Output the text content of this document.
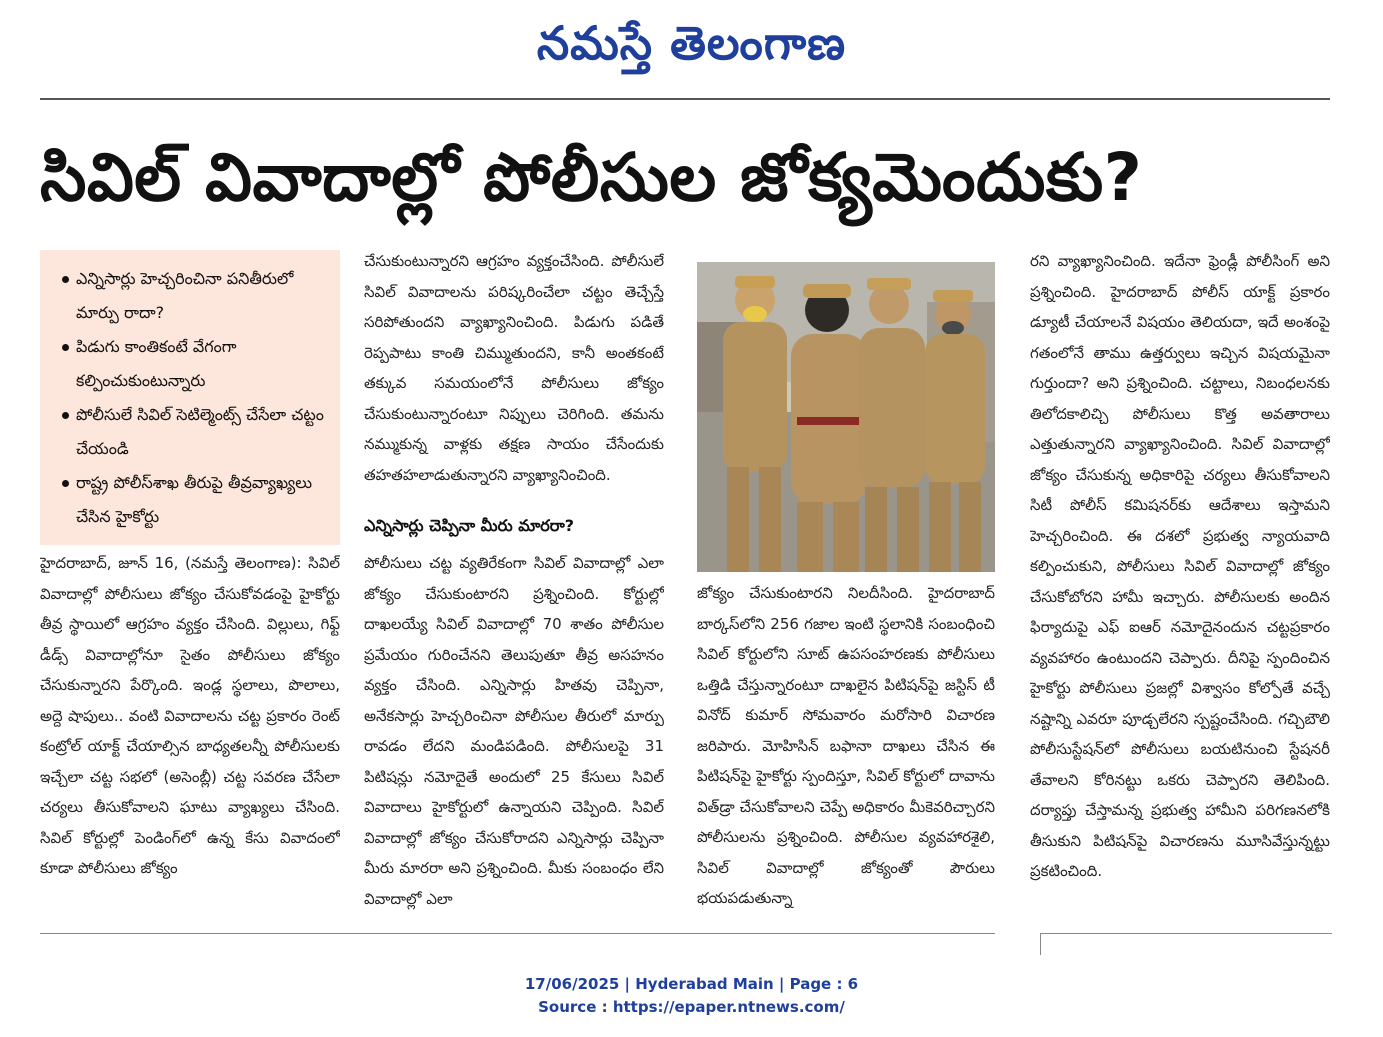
నమస్తే తెలంగాణ
సివిల్ వివాదాల్లో పోలీసుల జోక్యమెందుకు?
ఎన్నిసార్లు హెచ్చరించినా పనితీరులో మార్పు రాదా?
పిడుగు కాంతికంటే వేగంగా కల్పించుకుంటున్నారు
పోలీసులే సివిల్ సెటిల్మెంట్స్ చేసేలా చట్టం చేయండి
రాష్ట్ర పోలీస్‌శాఖ తీరుపై తీవ్రవ్యాఖ్యలు చేసిన హైకోర్టు

హైదరాబాద్, జూన్ 16, (నమస్తే తెలంగాణ): సివిల్ వివాదాల్లో పోలీసులు జోక్యం చేసుకోవడంపై హైకోర్టు తీవ్ర స్థాయిలో ఆగ్రహం వ్యక్తం చేసింది. విల్లులు, గిఫ్ట్ డీడ్స్ వివాదాల్లోనూ సైతం పోలీసులు జోక్యం చేసుకున్నారని పేర్కొంది. ఇండ్ల స్థలాలు, పొలాలు, అద్దె షాపులు.. వంటి వివాదాలను చట్ట ప్రకారం రెంట్ కంట్రోల్ యాక్ట్ చేయాల్సిన బాధ్యతలన్నీ పోలీసులకు ఇచ్చేలా చట్ట సభలో (అసెంబ్లీ) చట్ట సవరణ చేసేలా చర్యలు తీసుకోవాలని ఘాటు వ్యాఖ్యలు చేసింది. సివిల్ కోర్టుల్లో పెండింగ్‌లో ఉన్న కేసు వివాదంలో కూడా పోలీసులు జోక్యం

చేసుకుంటున్నారని ఆగ్రహం వ్యక్తంచేసింది. పోలీసులే సివిల్ వివాదాలను పరిష్కరించేలా చట్టం తెచ్చేస్తే సరిపోతుందని వ్యాఖ్యానించింది. పిడుగు పడితే రెప్పపాటు కాంతి చిమ్ముతుందని, కానీ అంతకంటే తక్కువ సమయంలోనే పోలీసులు జోక్యం చేసుకుంటున్నారంటూ నిప్పులు చెరిగింది. తమను నమ్ముకున్న వాళ్లకు తక్షణ సాయం చేసేందుకు తహతహలాడుతున్నారని వ్యాఖ్యానించింది.

ఎన్నిసార్లు చెప్పినా మీరు మారరా?

పోలీసులు చట్ట వ్యతిరేకంగా సివిల్ వివాదాల్లో ఎలా జోక్యం చేసుకుంటారని ప్రశ్నించింది. కోర్టుల్లో దాఖలయ్యే సివిల్ వివాదాల్లో 70 శాతం పోలీసుల ప్రమేయం గురించేనని తెలుపుతూ తీవ్ర అసహనం వ్యక్తం చేసింది. ఎన్నిసార్లు హితవు చెప్పినా, అనేకసార్లు హెచ్చరించినా పోలీసుల తీరులో మార్పు రావడం లేదని మండిపడింది. పోలీసులపై 31 పిటిషన్లు నమోదైతే అందులో 25 కేసులు సివిల్ వివాదాలు హైకోర్టులో ఉన్నాయని చెప్పింది. సివిల్ వివాదాల్లో జోక్యం చేసుకోరాదని ఎన్నిసార్లు చెప్పినా మీరు మారరా అని ప్రశ్నించింది. మీకు సంబంధం లేని వివాదాల్లో ఎలా

జోక్యం చేసుకుంటారని నిలదీసింది. హైదరాబాద్ బార్కస్‌లోని 256 గజాల ఇంటి స్థలానికి సంబంధించి సివిల్ కోర్టులోని సూట్ ఉపసంహరణకు పోలీసులు ఒత్తిడి చేస్తున్నారంటూ దాఖలైన పిటిషన్‌పై జస్టిస్ టీ వినోద్ కుమార్ సోమవారం మరోసారి విచారణ జరిపారు. మోహిసిన్ బఫానా దాఖలు చేసిన ఈ పిటిషన్‌పై హైకోర్టు స్పందిస్తూ, సివిల్ కోర్టులో దావాను విత్‌డ్రా చేసుకోవాలని చెప్పే అధికారం మీకెవరిచ్చారని పోలీసులను ప్రశ్నించింది. పోలీసుల వ్యవహారశైలి, సివిల్ వివాదాల్లో జోక్యంతో పౌరులు భయపడుతున్నా

రని వ్యాఖ్యానించింది. ఇదేనా ఫ్రెండ్లీ పోలీసింగ్ అని ప్రశ్నించింది. హైదరాబాద్ పోలీస్ యాక్ట్ ప్రకారం డ్యూటీ చేయాలనే విషయం తెలియదా, ఇదే అంశంపై గతంలోనే తాము ఉత్తర్వులు ఇచ్చిన విషయమైనా గుర్తుందా? అని ప్రశ్నించింది. చట్టాలు, నిబంధలనకు తిలోదకాలిచ్చి పోలీసులు కొత్త అవతారాలు ఎత్తుతున్నారని వ్యాఖ్యానించింది. సివిల్ వివాదాల్లో జోక్యం చేసుకున్న అధికారిపై చర్యలు తీసుకోవాలని సిటీ పోలీస్ కమిషనర్‌కు ఆదేశాలు ఇస్తామని హెచ్చరించింది. ఈ దశలో ప్రభుత్వ న్యాయవాది కల్పించుకుని, పోలీసులు సివిల్ వివాదాల్లో జోక్యం చేసుకోబోరని హామీ ఇచ్చారు. పోలీసులకు అందిన ఫిర్యాదుపై ఎఫ్ ఐఆర్ నమోదైనందున చట్టప్రకారం వ్యవహారం ఉంటుందని చెప్పారు. దీనిపై స్పందించిన హైకోర్టు పోలీసులు ప్రజల్లో విశ్వాసం కోల్పోతే వచ్చే నష్టాన్ని ఎవరూ పూడ్చలేరని స్పష్టంచేసింది. గచ్చిబౌలి పోలీసుస్టేషన్‌లో పోలీసులు బయటినుంచి స్టేషనరీ తేవాలని కోరినట్టు ఒకరు చెప్పారని తెలిపింది. దర్యాప్తు చేస్తామన్న ప్రభుత్వ హామీని పరిగణనలోకి తీసుకుని పిటిషన్‌పై విచారణను మూసివేస్తున్నట్టు ప్రకటించింది.

17/06/2025 | Hyderabad Main | Page : 6
Source : https://epaper.ntnews.com/
